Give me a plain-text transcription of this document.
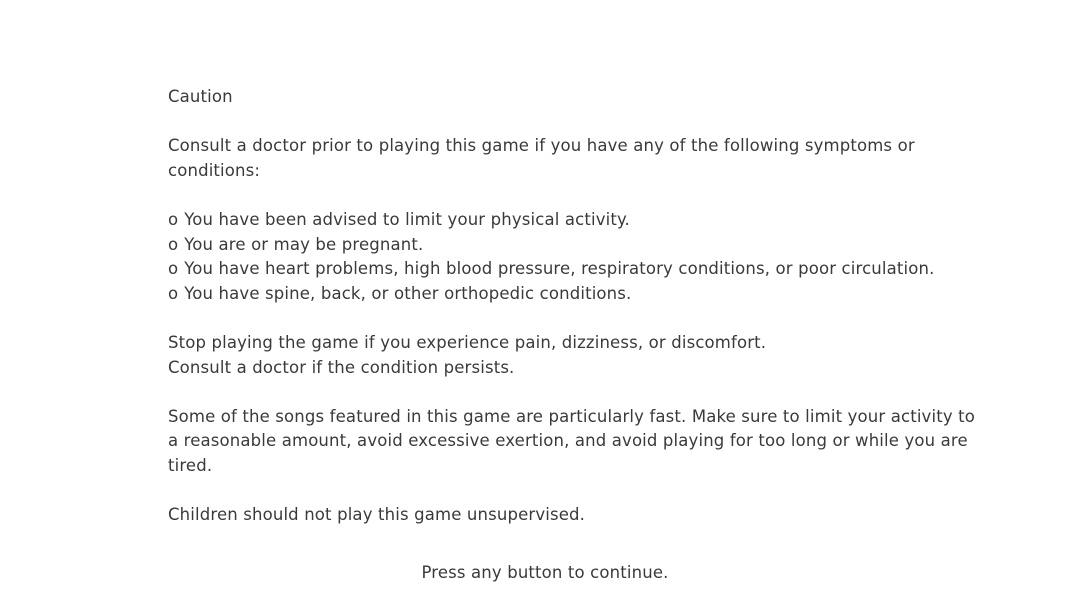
Caution
Consult a doctor prior to playing this game if you have any of the following symptoms or
conditions:
o You have been advised to limit your physical activity.
o You are or may be pregnant.
o You have heart problems, high blood pressure, respiratory conditions, or poor circulation.
o You have spine, back, or other orthopedic conditions.
Stop playing the game if you experience pain, dizziness, or discomfort.
Consult a doctor if the condition persists.
Some of the songs featured in this game are particularly fast. Make sure to limit your activity to
a reasonable amount, avoid excessive exertion, and avoid playing for too long or while you are
tired.
Children should not play this game unsupervised.
Press any button to continue.
